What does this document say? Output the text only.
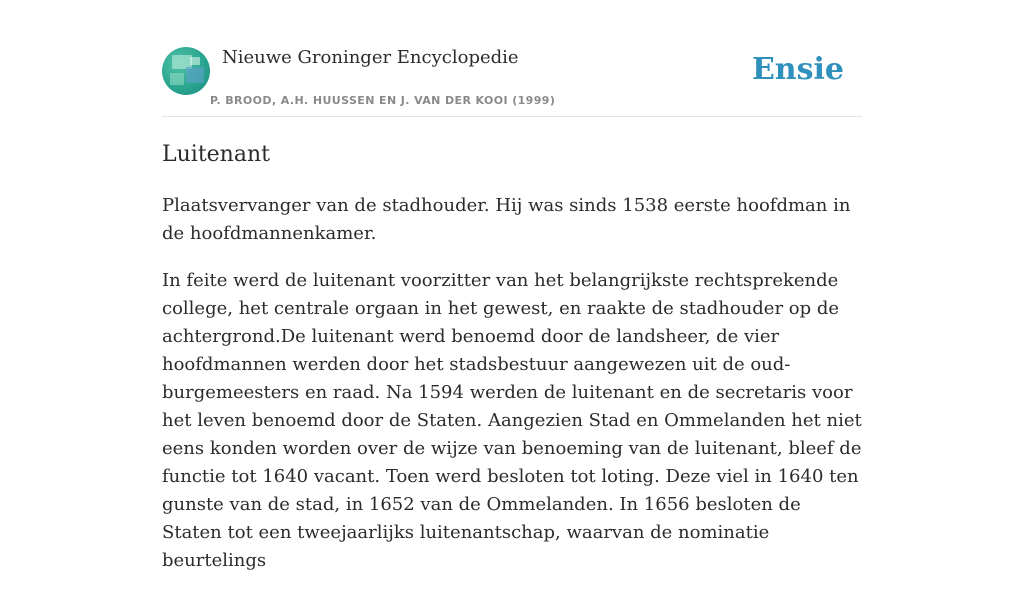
Nieuwe Groninger Encyclopedie
P. BROOD, A.H. HUUSSEN EN J. VAN DER KOOI (1999)
Ensie
Luitenant

Plaatsvervanger van de stadhouder. Hij was sinds 1538 eerste hoofdman in de hoofdmannenkamer.

In feite werd de luitenant voorzitter van het belangrijkste rechtsprekende college, het centrale orgaan in het gewest, en raakte de stadhouder op de achtergrond.De luitenant werd benoemd door de landsheer, de vier hoofdmannen werden door het stadsbestuur aangewezen uit de oud-burgemeesters en raad. Na 1594 werden de luitenant en de secretaris voor het leven benoemd door de Staten. Aangezien Stad en Ommelanden het niet eens konden worden over de wijze van benoeming van de luitenant, bleef de functie tot 1640 vacant. Toen werd besloten tot loting. Deze viel in 1640 ten gunste van de stad, in 1652 van de Ommelanden. In 1656 besloten de Staten tot een tweejaarlijks luitenantschap, waarvan de nominatie beurtelings
